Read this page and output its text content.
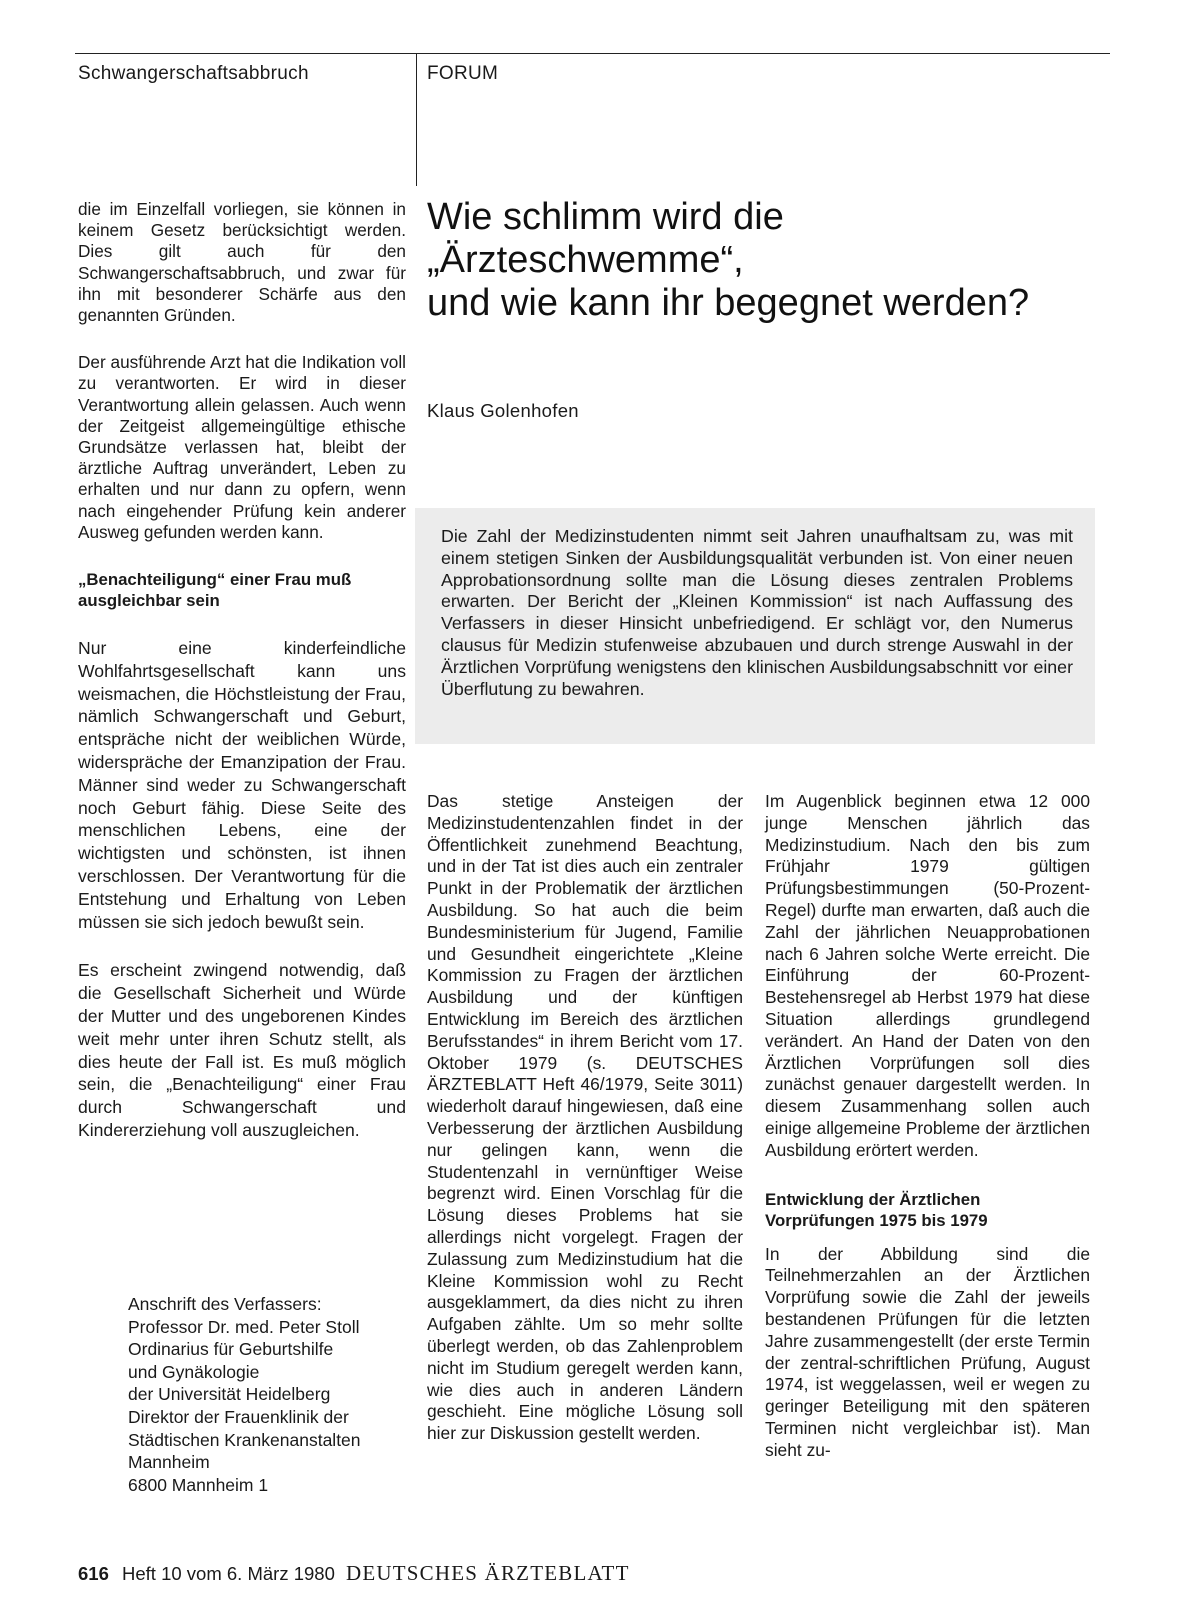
Schwangerschaftsabbruch	FORUM

die im Einzelfall vorliegen, sie können in keinem Gesetz berücksichtigt werden. Dies gilt auch für den Schwangerschaftsabbruch, und zwar für ihn mit besonderer Schärfe aus den genannten Gründen.

Der ausführende Arzt hat die Indikation voll zu verantworten. Er wird in dieser Verantwortung allein gelassen. Auch wenn der Zeitgeist allgemeingültige ethische Grundsätze verlassen hat, bleibt der ärztliche Auftrag unverändert, Leben zu erhalten und nur dann zu opfern, wenn nach eingehender Prüfung kein anderer Ausweg gefunden werden kann.

„Benachteiligung“ einer Frau muß ausgleichbar sein

Nur eine kinderfeindliche Wohlfahrtsgesellschaft kann uns weismachen, die Höchstleistung der Frau, nämlich Schwangerschaft und Geburt, entspräche nicht der weiblichen Würde, widerspräche der Emanzipation der Frau. Männer sind weder zu Schwangerschaft noch Geburt fähig. Diese Seite des menschlichen Lebens, eine der wichtigsten und schönsten, ist ihnen verschlossen. Der Verantwortung für die Entstehung und Erhaltung von Leben müssen sie sich jedoch bewußt sein.

Es erscheint zwingend notwendig, daß die Gesellschaft Sicherheit und Würde der Mutter und des ungeborenen Kindes weit mehr unter ihren Schutz stellt, als dies heute der Fall ist. Es muß möglich sein, die „Benachteiligung“ einer Frau durch Schwangerschaft und Kindererziehung voll auszugleichen.

Anschrift des Verfassers:
Professor Dr. med. Peter Stoll
Ordinarius für Geburtshilfe
und Gynäkologie
der Universität Heidelberg
Direktor der Frauenklinik der
Städtischen Krankenanstalten
Mannheim
6800 Mannheim 1
Wie schlimm wird die
„Ärzteschwemme“,
und wie kann ihr begegnet werden?
Klaus Golenhofen

Die Zahl der Medizinstudenten nimmt seit Jahren unaufhaltsam zu, was mit einem stetigen Sinken der Ausbildungsqualität verbunden ist. Von einer neuen Approbationsordnung sollte man die Lösung dieses zentralen Problems erwarten. Der Bericht der „Kleinen Kommission“ ist nach Auffassung des Verfassers in dieser Hinsicht unbefriedigend. Er schlägt vor, den Numerus clausus für Medizin stufenweise abzubauen und durch strenge Auswahl in der Ärztlichen Vorprüfung wenigstens den klinischen Ausbildungsabschnitt vor einer Überflutung zu bewahren.

Das stetige Ansteigen der Medizinstudentenzahlen findet in der Öffentlichkeit zunehmend Beachtung, und in der Tat ist dies auch ein zentraler Punkt in der Problematik der ärztlichen Ausbildung. So hat auch die beim Bundesministerium für Jugend, Familie und Gesundheit eingerichtete „Kleine Kommission zu Fragen der ärztlichen Ausbildung und der künftigen Entwicklung im Bereich des ärztlichen Berufsstandes“ in ihrem Bericht vom 17. Oktober 1979 (s. DEUTSCHES ÄRZTEBLATT Heft 46/1979, Seite 3011) wiederholt darauf hingewiesen, daß eine Verbesserung der ärztlichen Ausbildung nur gelingen kann, wenn die Studentenzahl in vernünftiger Weise begrenzt wird. Einen Vorschlag für die Lösung dieses Problems hat sie allerdings nicht vorgelegt. Fragen der Zulassung zum Medizinstudium hat die Kleine Kommission wohl zu Recht ausgeklammert, da dies nicht zu ihren Aufgaben zählte. Um so mehr sollte überlegt werden, ob das Zahlenproblem nicht im Studium geregelt werden kann, wie dies auch in anderen Ländern geschieht. Eine mögliche Lösung soll hier zur Diskussion gestellt werden.

Im Augenblick beginnen etwa 12 000 junge Menschen jährlich das Medizinstudium. Nach den bis zum Frühjahr 1979 gültigen Prüfungsbestimmungen (50-Prozent-Regel) durfte man erwarten, daß auch die Zahl der jährlichen Neuapprobationen nach 6 Jahren solche Werte erreicht. Die Einführung der 60-Prozent-Bestehensregel ab Herbst 1979 hat diese Situation allerdings grundlegend verändert. An Hand der Daten von den Ärztlichen Vorprüfungen soll dies zunächst genauer dargestellt werden. In diesem Zusammenhang sollen auch einige allgemeine Probleme der ärztlichen Ausbildung erörtert werden.

Entwicklung der Ärztlichen Vorprüfungen 1975 bis 1979

In der Abbildung sind die Teilnehmerzahlen an der Ärztlichen Vorprüfung sowie die Zahl der jeweils bestandenen Prüfungen für die letzten Jahre zusammengestellt (der erste Termin der zentral-schriftlichen Prüfung, August 1974, ist weggelassen, weil er wegen zu geringer Beteiligung mit den späteren Terminen nicht vergleichbar ist). Man sieht zu-

616 Heft 10 vom 6. März 1980 DEUTSCHES ÄRZTEBLATT
